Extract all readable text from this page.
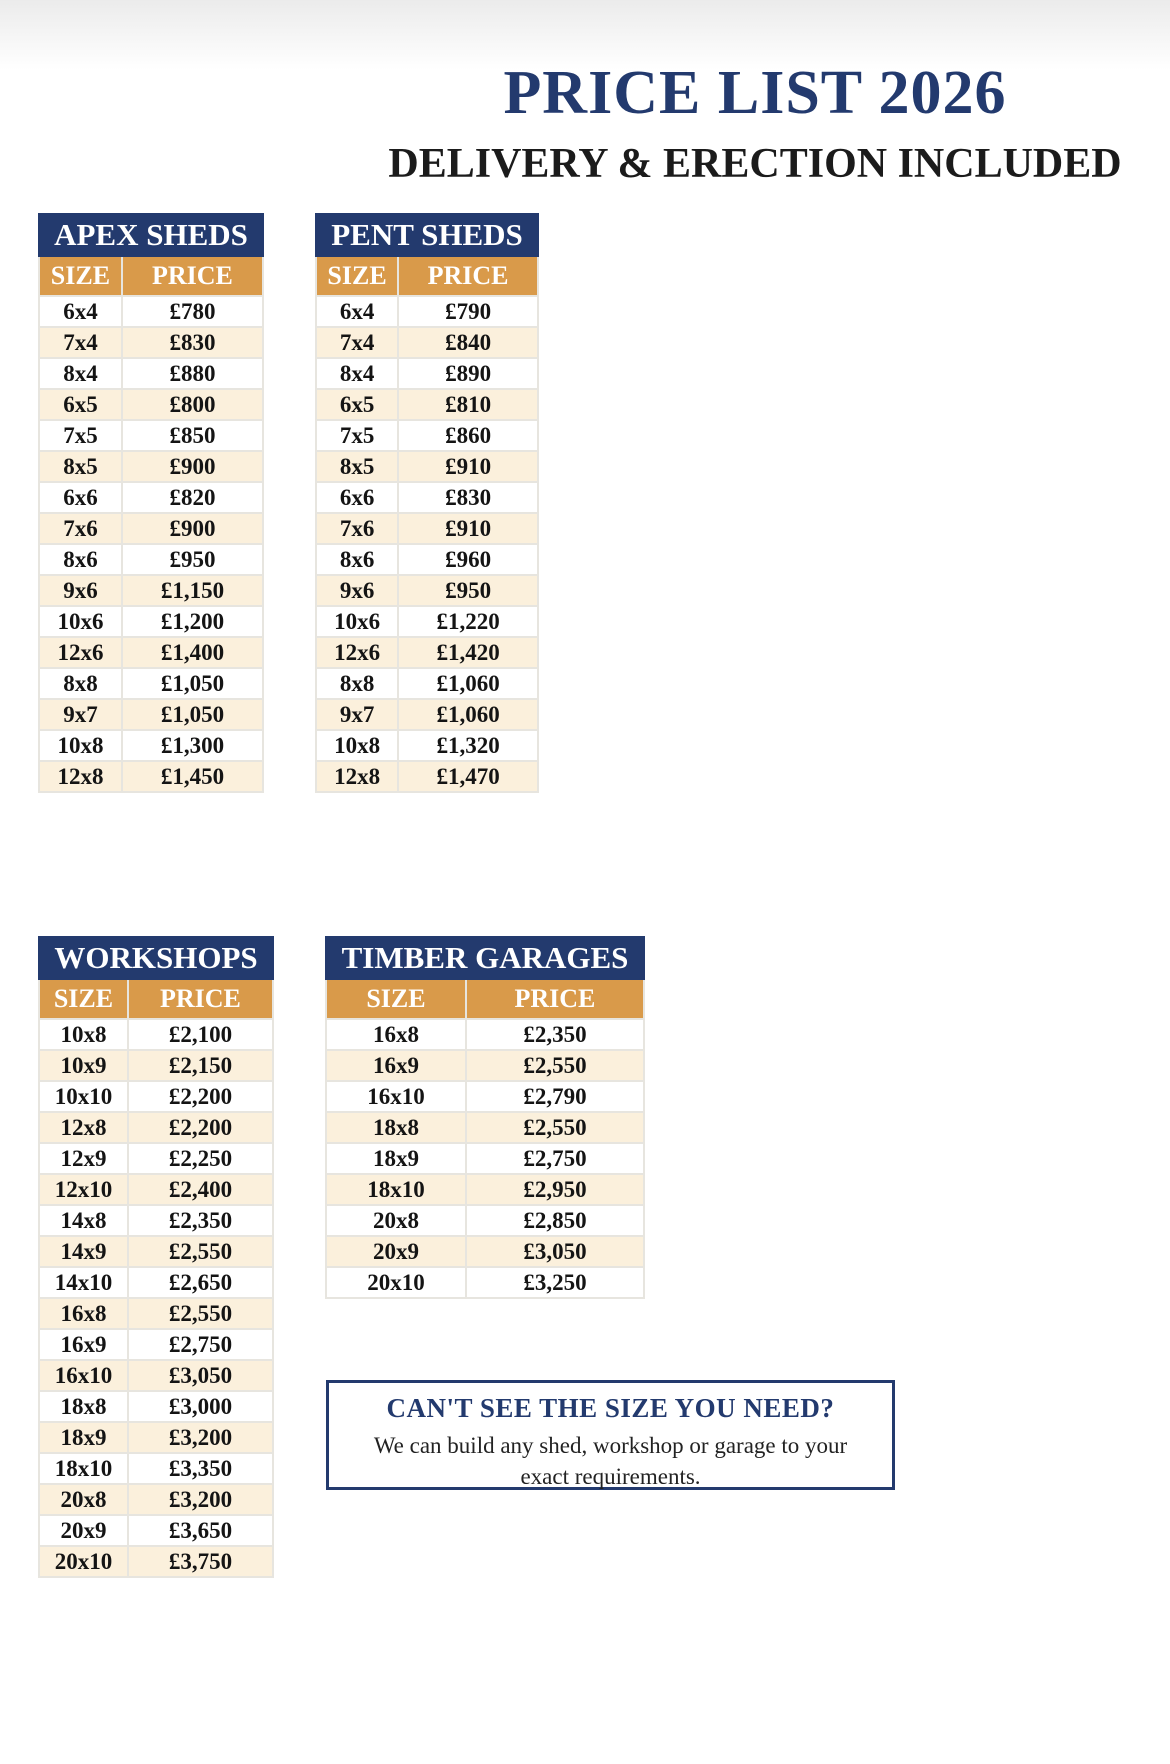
PRICE LIST 2026
DELIVERY & ERECTION INCLUDED
APEX SHEDS	
SIZE	PRICE
6x4	£780
7x4	£830
8x4	£880
6x5	£800
7x5	£850
8x5	£900
6x6	£820
7x6	£900
8x6	£950
9x6	£1,150
10x6	£1,200
12x6	£1,400
8x8	£1,050
9x7	£1,050
10x8	£1,300
12x8	£1,450
PENT SHEDS	
SIZE	PRICE
6x4	£790
7x4	£840
8x4	£890
6x5	£810
7x5	£860
8x5	£910
6x6	£830
7x6	£910
8x6	£960
9x6	£950
10x6	£1,220
12x6	£1,420
8x8	£1,060
9x7	£1,060
10x8	£1,320
12x8	£1,470
WORKSHOPS	
SIZE	PRICE
10x8	£2,100
10x9	£2,150
10x10	£2,200
12x8	£2,200
12x9	£2,250
12x10	£2,400
14x8	£2,350
14x9	£2,550
14x10	£2,650
16x8	£2,550
16x9	£2,750
16x10	£3,050
18x8	£3,000
18x9	£3,200
18x10	£3,350
20x8	£3,200
20x9	£3,650
20x10	£3,750
TIMBER GARAGES	
SIZE	PRICE
16x8	£2,350
16x9	£2,550
16x10	£2,790
18x8	£2,550
18x9	£2,750
18x10	£2,950
20x8	£2,850
20x9	£3,050
20x10	£3,250

CAN'T SEE THE SIZE YOU NEED?

We can build any shed, workshop or garage to your exact requirements.
